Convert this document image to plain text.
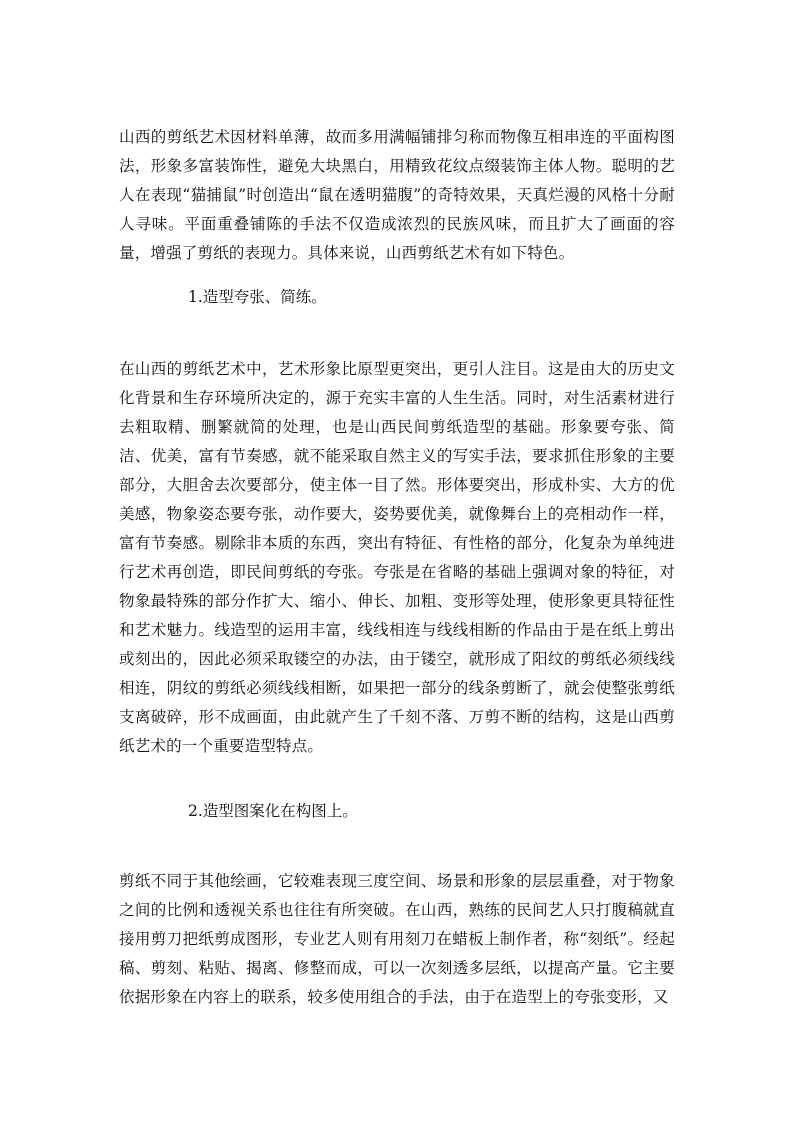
山西的剪纸艺术因材料单薄，故而多用满幅铺排匀称而物像互相串连的平面构图法，形象多富装饰性，避免大块黑白，用精致花纹点缀装饰主体人物。聪明的艺人在表现“猫捕鼠”时创造出“鼠在透明猫腹”的奇特效果，天真烂漫的风格十分耐人寻味。平面重叠铺陈的手法不仅造成浓烈的民族风味，而且扩大了画面的容量，增强了剪纸的表现力。具体来说，山西剪纸艺术有如下特色。

1.造型夸张、简练。

在山西的剪纸艺术中，艺术形象比原型更突出，更引人注目。这是由大的历史文化背景和生存环境所决定的，源于充实丰富的人生生活。同时，对生活素材进行去粗取精、删繁就简的处理，也是山西民间剪纸造型的基础。形象要夸张、简洁、优美，富有节奏感，就不能采取自然主义的写实手法，要求抓住形象的主要部分，大胆舍去次要部分，使主体一目了然。形体要突出，形成朴实、大方的优美感，物象姿态要夸张，动作要大，姿势要优美，就像舞台上的亮相动作一样，富有节奏感。剔除非本质的东西，突出有特征、有性格的部分，化复杂为单纯进行艺术再创造，即民间剪纸的夸张。夸张是在省略的基础上强调对象的特征，对物象最特殊的部分作扩大、缩小、伸长、加粗、变形等处理，使形象更具特征性和艺术魅力。线造型的运用丰富，线线相连与线线相断的作品由于是在纸上剪出或刻出的，因此必须采取镂空的办法，由于镂空，就形成了阳纹的剪纸必须线线相连，阴纹的剪纸必须线线相断，如果把一部分的线条剪断了，就会使整张剪纸支离破碎，形不成画面，由此就产生了千刻不落、万剪不断的结构，这是山西剪纸艺术的一个重要造型特点。

2.造型图案化在构图上。

剪纸不同于其他绘画，它较难表现三度空间、场景和形象的层层重叠，对于物象之间的比例和透视关系也往往有所突破。在山西，熟练的民间艺人只打腹稿就直接用剪刀把纸剪成图形，专业艺人则有用刻刀在蜡板上制作者，称“刻纸”。经起稿、剪刻、粘贴、揭离、修整而成，可以一次刻透多层纸，以提高产量。它主要依据形象在内容上的联系，较多使用组合的手法，由于在造型上的夸张变形，又
